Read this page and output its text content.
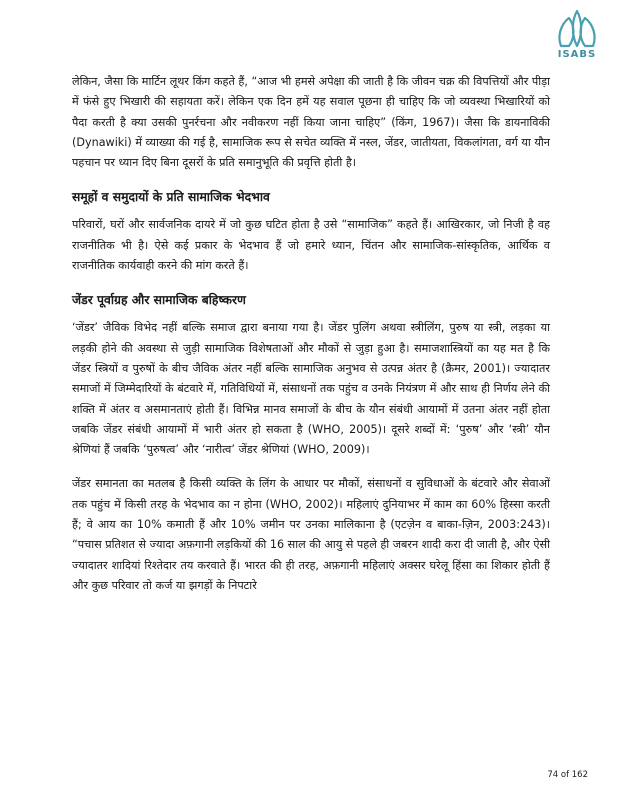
ISABS

लेकिन, जैसा कि मार्टिन लूथर किंग कहते हैं, “आज भी हमसे अपेक्षा की जाती है कि जीवन चक्र की विपत्तियों और पीड़ा में फंसे हुए भिखारी की सहायता करें। लेकिन एक दिन हमें यह सवाल पूछना ही चाहिए कि जो व्यवस्था भिखारियों को पैदा करती है क्या उसकी पुनर्रचना और नवीकरण नहीं किया जाना चाहिए” (किंग, 1967)। जैसा कि डायनाविकी (Dynawiki) में व्याख्या की गई है, सामाजिक रूप से सचेत व्यक्ति में नस्ल, जेंडर, जातीयता, विकलांगता, वर्ग या यौन पहचान पर ध्यान दिए बिना दूसरों के प्रति समानुभूति की प्रवृत्ति होती है।

समूहों व समुदायों के प्रति सामाजिक भेदभाव

परिवारों, घरों और सार्वजनिक दायरे में जो कुछ घटित होता है उसे “सामाजिक” कहते हैं। आखिरकार, जो निजी है वह राजनीतिक भी है। ऐसे कई प्रकार के भेदभाव हैं जो हमारे ध्यान, चिंतन और सामाजिक-सांस्कृतिक, आर्थिक व राजनीतिक कार्यवाही करने की मांग करते हैं।

जेंडर पूर्वाग्रह और सामाजिक बहिष्करण

‘जेंडर’ जैविक विभेद नहीं बल्कि समाज द्वारा बनाया गया है। जेंडर पुलिंग अथवा स्त्रीलिंग, पुरुष या स्त्री, लड़का या लड़की होने की अवस्था से जुड़ी सामाजिक विशेषताओं और मौकों से जुड़ा हुआ है। समाजशास्त्रियों का यह मत है कि जेंडर स्त्रियों व पुरुषों के बीच जैविक अंतर नहीं बल्कि सामाजिक अनुभव से उत्पन्न अंतर है (क्रैमर, 2001)। ज्यादातर समाजों में जिम्मेदारियों के बंटवारे में, गतिविधियों में, संसाधनों तक पहुंच व उनके नियंत्रण में और साथ ही निर्णय लेने की शक्ति में अंतर व असमानताएं होती हैं। विभिन्न मानव समाजों के बीच के यौन संबंधी आयामों में उतना अंतर नहीं होता जबकि जेंडर संबंधी आयामों में भारी अंतर हो सकता है (WHO, 2005)। दूसरे शब्दों में: ‘पुरुष’ और ‘स्त्री’ यौन श्रेणियां हैं जबकि ‘पुरुषत्व’ और ‘नारीत्व’ जेंडर श्रेणियां (WHO, 2009)।

जेंडर समानता का मतलब है किसी व्यक्ति के लिंग के आधार पर मौकों, संसाधनों व सुविधाओं के बंटवारे और सेवाओं तक पहुंच में किसी तरह के भेदभाव का न होना (WHO, 2002)। महिलाएं दुनियाभर में काम का 60% हिस्सा करती हैं; वे आय का 10% कमाती हैं और 10% जमीन पर उनका मालिकाना है (एटज़ेन व बाका-ज़िन, 2003:243)। “पचास प्रतिशत से ज्यादा अफ़गानी लड़कियों की 16 साल की आयु से पहले ही जबरन शादी करा दी जाती है, और ऐसी ज्यादातर शादियां रिश्तेदार तय करवाते हैं। भारत की ही तरह, अफ़गानी महिलाएं अक्सर घरेलू हिंसा का शिकार होती हैं और कुछ परिवार तो कर्ज या झगड़ों के निपटारे

74 of 162
